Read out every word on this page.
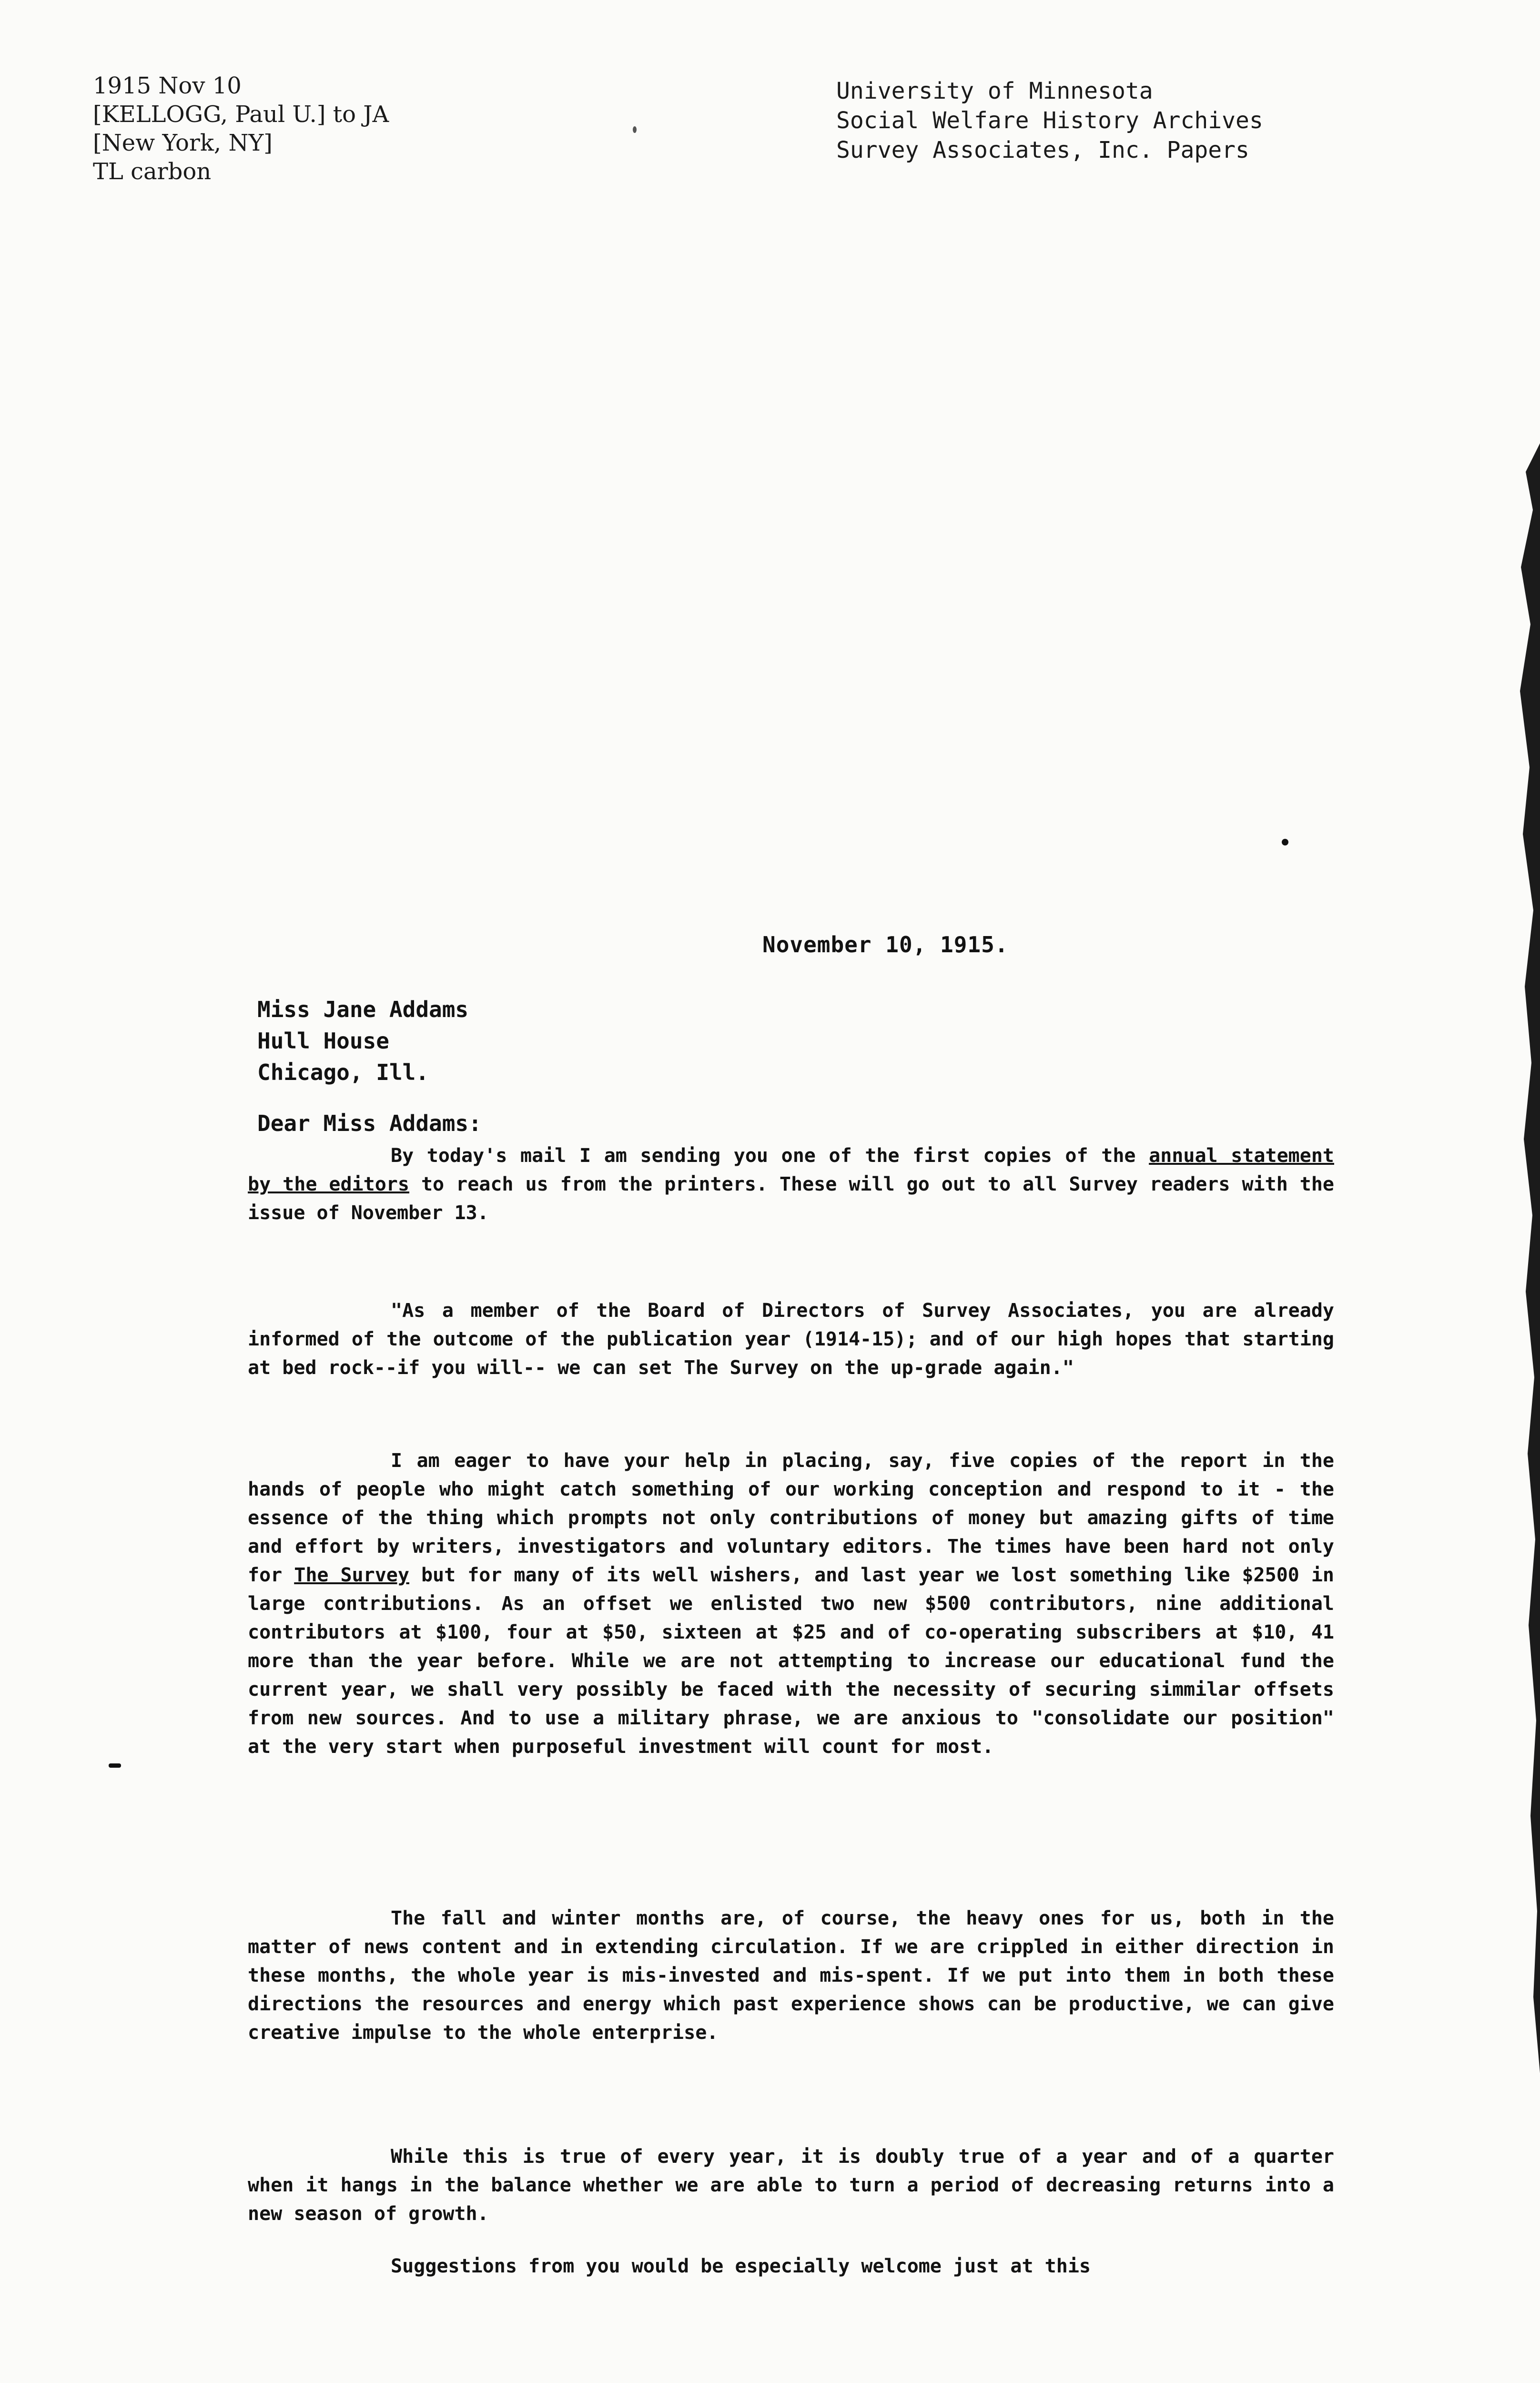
1915 Nov 10
[KELLOGG, Paul U.] to JA
[New York, NY]
TL carbon
University of Minnesota
Social Welfare History Archives
Survey Associates, Inc. Papers
November 10, 1915.
Miss Jane Addams
Hull House
Chicago, Ill.
Dear Miss Addams:

By today's mail I am sending you one of the first copies of the annual statement by the editors to reach us from the printers. These will go out to all Survey readers with the issue of November 13.

"As a member of the Board of Directors of Survey Associates, you are already informed of the outcome of the publication year (1914-15); and of our high hopes that starting at bed rock--if you will-- we can set The Survey on the up-grade again."

I am eager to have your help in placing, say, five copies of the report in the hands of people who might catch something of our working conception and respond to it - the essence of the thing which prompts not only contributions of money but amazing gifts of time and effort by writers, investigators and voluntary editors. The times have been hard not only for The Survey but for many of its well wishers, and last year we lost something like $2500 in large contributions. As an offset we enlisted two new $500 contributors, nine additional contributors at $100, four at $50, sixteen at $25 and of co-operating subscribers at $10, 41 more than the year before. While we are not attempting to increase our educational fund the current year, we shall very possibly be faced with the necessity of securing simmilar offsets from new sources. And to use a military phrase, we are anxious to "consolidate our position" at the very start when purposeful investment will count for most.

The fall and winter months are, of course, the heavy ones for us, both in the matter of news content and in extending circulation. If we are crippled in either direction in these months, the whole year is mis-invested and mis-spent. If we put into them in both these directions the resources and energy which past experience shows can be productive, we can give creative impulse to the whole enterprise.

While this is true of every year, it is doubly true of a year and of a quarter when it hangs in the balance whether we are able to turn a period of decreasing returns into a new season of growth.

Suggestions from you would be especially welcome just at this
